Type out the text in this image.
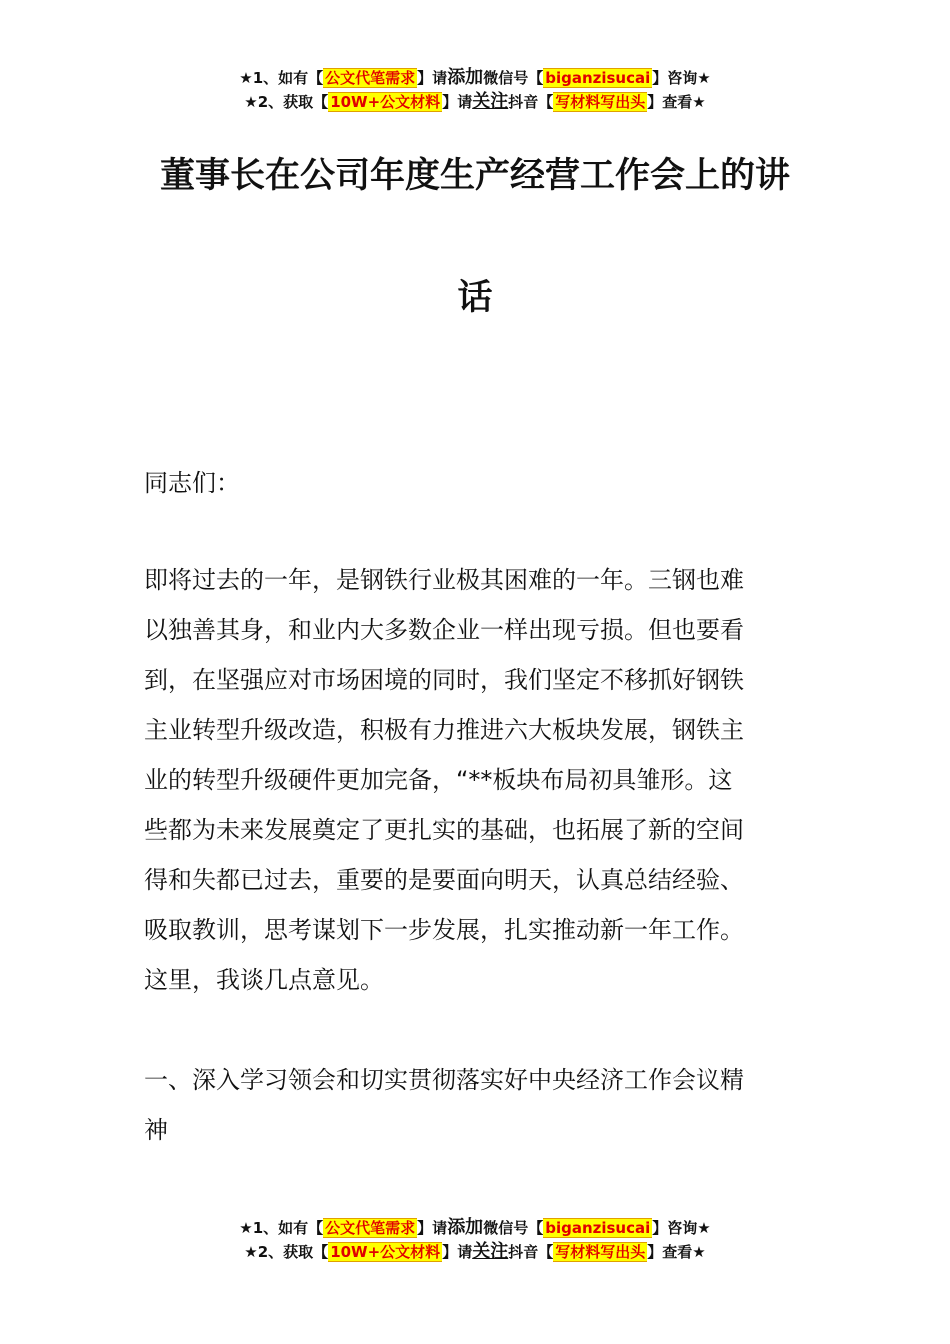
★1、如有【 公文代笔需求 】请添加微信号【 biganzisucai 】咨询★
★2、获取【 10W+公文材料 】请关注抖音【 写材料写出头 】查看★
董事长在公司年度生产经营工作会上的讲
话
同志们：
即将过去的一年，是钢铁行业极其困难的一年。三钢也难
以独善其身，和业内大多数企业一样出现亏损。但也要看
到，在坚强应对市场困境的同时，我们坚定不移抓好钢铁
主业转型升级改造，积极有力推进六大板块发展，钢铁主
业的转型升级硬件更加完备，“**板块布局初具雏形。这
些都为未来发展奠定了更扎实的基础，也拓展了新的空间
得和失都已过去，重要的是要面向明天，认真总结经验、
吸取教训，思考谋划下一步发展，扎实推动新一年工作。
这里，我谈几点意见。
一、深入学习领会和切实贯彻落实好中央经济工作会议精
神
★1、如有【 公文代笔需求 】请添加微信号【 biganzisucai 】咨询★
★2、获取【 10W+公文材料 】请关注抖音【 写材料写出头 】查看★
